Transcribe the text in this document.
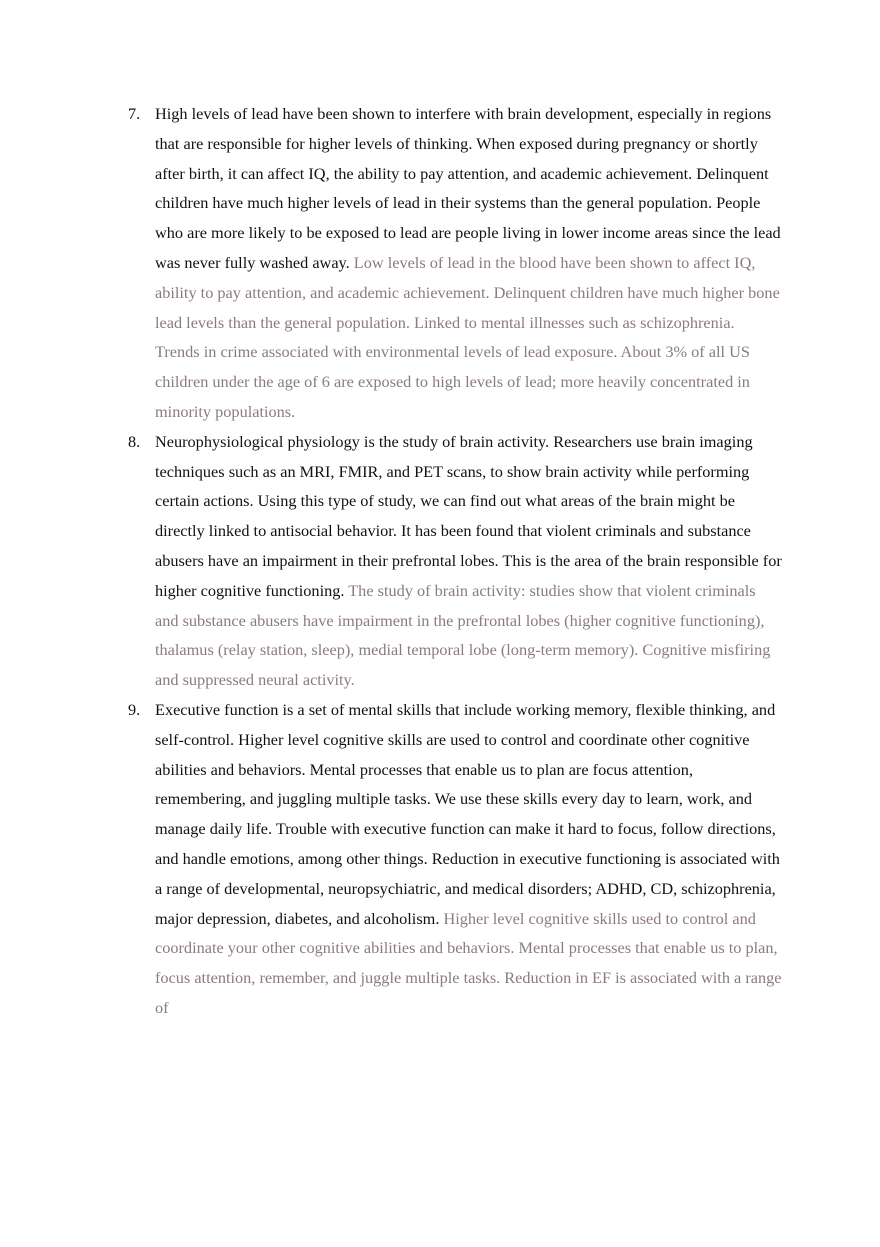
7. High levels of lead have been shown to interfere with brain development, especially in regions that are responsible for higher levels of thinking. When exposed during pregnancy or shortly after birth, it can affect IQ, the ability to pay attention, and academic achievement. Delinquent children have much higher levels of lead in their systems than the general population. People who are more likely to be exposed to lead are people living in lower income areas since the lead was never fully washed away. Low levels of lead in the blood have been shown to affect IQ, ability to pay attention, and academic achievement. Delinquent children have much higher bone lead levels than the general population. Linked to mental illnesses such as schizophrenia. Trends in crime associated with environmental levels of lead exposure. About 3% of all US children under the age of 6 are exposed to high levels of lead; more heavily concentrated in minority populations.
8. Neurophysiological physiology is the study of brain activity. Researchers use brain imaging techniques such as an MRI, FMIR, and PET scans, to show brain activity while performing certain actions. Using this type of study, we can find out what areas of the brain might be directly linked to antisocial behavior. It has been found that violent criminals and substance abusers have an impairment in their prefrontal lobes. This is the area of the brain responsible for higher cognitive functioning. The study of brain activity: studies show that violent criminals and substance abusers have impairment in the prefrontal lobes (higher cognitive functioning), thalamus (relay station, sleep), medial temporal lobe (long-term memory). Cognitive misfiring and suppressed neural activity.
9. Executive function is a set of mental skills that include working memory, flexible thinking, and self-control. Higher level cognitive skills are used to control and coordinate other cognitive abilities and behaviors. Mental processes that enable us to plan are focus attention, remembering, and juggling multiple tasks. We use these skills every day to learn, work, and manage daily life. Trouble with executive function can make it hard to focus, follow directions, and handle emotions, among other things. Reduction in executive functioning is associated with a range of developmental, neuropsychiatric, and medical disorders; ADHD, CD, schizophrenia, major depression, diabetes, and alcoholism. Higher level cognitive skills used to control and coordinate your other cognitive abilities and behaviors. Mental processes that enable us to plan, focus attention, remember, and juggle multiple tasks. Reduction in EF is associated with a range of
